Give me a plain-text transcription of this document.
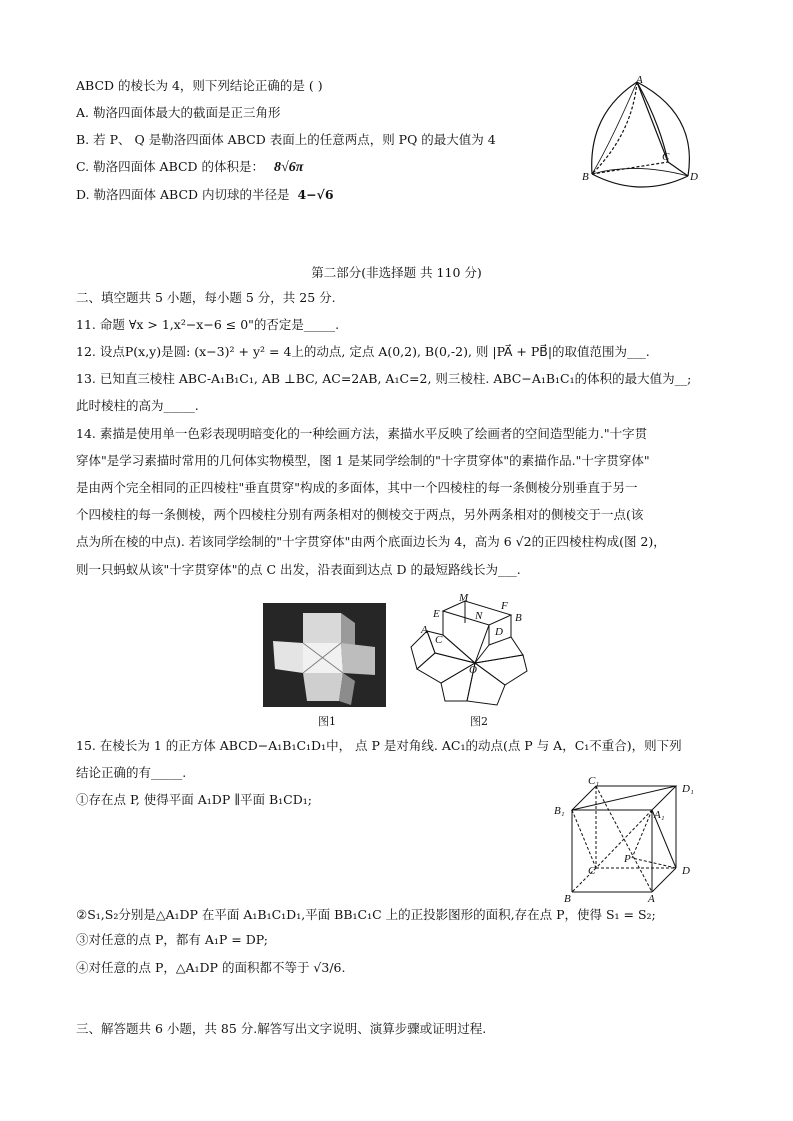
ABCD 的棱长为 4，则下列结论正确的是 ( )
A. 勒洛四面体最大的截面是正三角形
B. 若 P、 Q 是勒洛四面体 ABCD 表面上的任意两点，则 PQ 的最大值为 4
C. 勒洛四面体 ABCD 的体积是： 8√6π
D. 勒洛四面体 ABCD 内切球的半径是 4−√6
A
B
C
D
第二部分(非选择题 共 110 分)
二、填空题共 5 小题，每小题 5 分，共 25 分.
11. 命题 ∀x > 1,x²−x−6 ≤ 0"的否定是_____.
12. 设点P(x,y)是圆: (x−3)² + y² = 4上的动点, 定点 A(0,2), B(0,-2), 则 |PA⃗ + PB⃗|的取值范围为___.
13. 已知直三棱柱 ABC-A₁B₁C₁, AB ⊥BC, AC=2AB, A₁C=2, 则三棱柱. ABC−A₁B₁C₁的体积的最大值为__;
此时棱柱的高为_____.
14. 素描是使用单一色彩表现明暗变化的一种绘画方法，素描水平反映了绘画者的空间造型能力."十字贯
穿体"是学习素描时常用的几何体实物模型，图 1 是某同学绘制的"十字贯穿体"的素描作品."十字贯穿体"
是由两个完全相同的正四棱柱"垂直贯穿"构成的多面体，其中一个四棱柱的每一条侧棱分别垂直于另一
个四棱柱的每一条侧棱，两个四棱柱分别有两条相对的侧棱交于两点，另外两条相对的侧棱交于一点(该
点为所在棱的中点). 若该同学绘制的"十字贯穿体"由两个底面边长为 4，高为 6 √2的正四棱柱构成(图 2)，
则一只蚂蚁从该"十字贯穿体"的点 C 出发，沿表面到达点 D 的最短路线长为___.
图1
M
E	N
F
B
A
C
D
O
图2
15. 在棱长为 1 的正方体 ABCD−A₁B₁C₁D₁中， 点 P 是对角线. AC₁的动点(点 P 与 A，C₁不重合)，则下列
结论正确的有_____.
①存在点 P, 使得平面 A₁DP ∥平面 B₁CD₁;
②S₁,S₂分别是△A₁DP 在平面 A₁B₁C₁D₁,平面 BB₁C₁C 上的正投影图形的面积,存在点 P，使得 S₁ = S₂;
③对任意的点 P，都有 A₁P = DP;
④对任意的点 P，△A₁DP 的面积都不等于 √3/6.
C₁
D₁
B₁	A₁
P
C	D
B	A
三、解答题共 6 小题，共 85 分.解答写出文字说明、演算步骤或证明过程.
